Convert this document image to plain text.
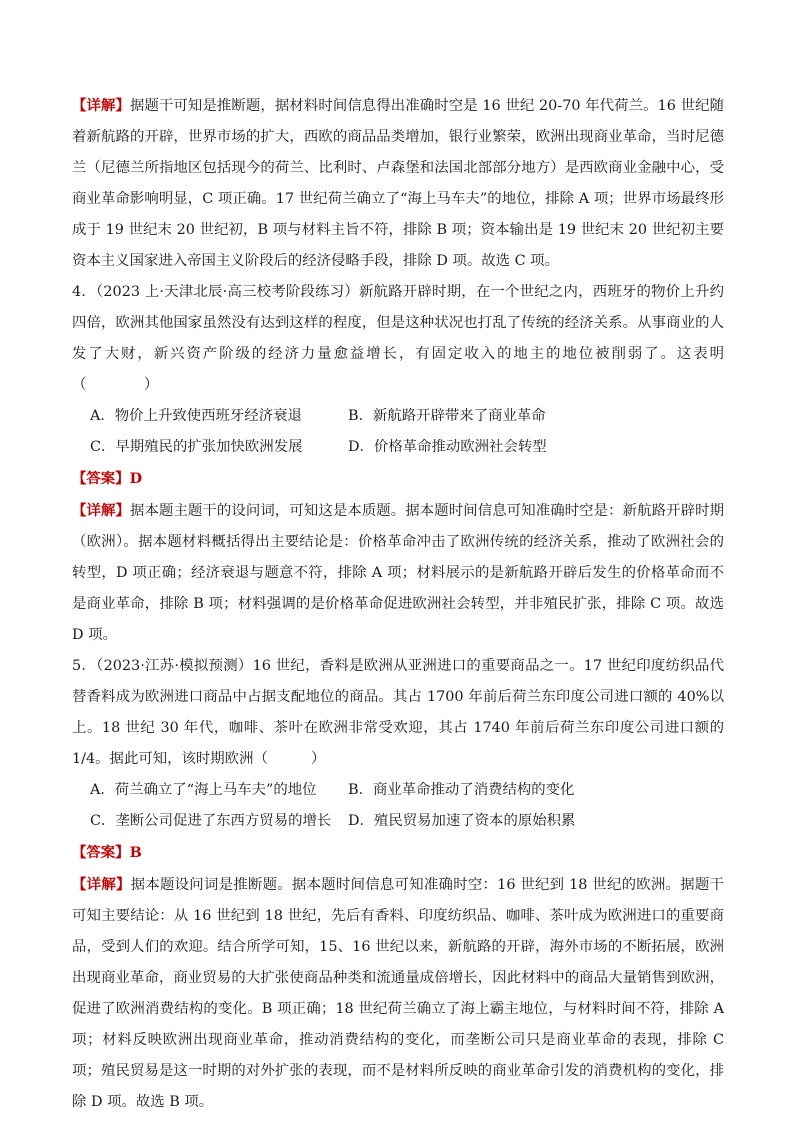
【详解】据题干可知是推断题，据材料时间信息得出准确时空是 16 世纪 20-70 年代荷兰。16 世纪随着新航路的开辟，世界市场的扩大，西欧的商品品类增加，银行业繁荣，欧洲出现商业革命，当时尼德兰（尼德兰所指地区包括现今的荷兰、比利时、卢森堡和法国北部部分地方）是西欧商业金融中心，受商业革命影响明显，C 项正确。17 世纪荷兰确立了“海上马车夫”的地位，排除 A 项；世界市场最终形成于 19 世纪末 20 世纪初，B 项与材料主旨不符，排除 B 项；资本输出是 19 世纪末 20 世纪初主要资本主义国家进入帝国主义阶段后的经济侵略手段，排除 D 项。故选 C 项。

4．（2023 上·天津北辰·高三校考阶段练习）新航路开辟时期，在一个世纪之内，西班牙的物价上升约四倍，欧洲其他国家虽然没有达到这样的程度，但是这种状况也打乱了传统的经济关系。从事商业的人发了大财，新兴资产阶级的经济力量愈益增长，有固定收入的地主的地位被削弱了。这表明（　　　　）

A．物价上升致使西班牙经济衰退	B．新航路开辟带来了商业革命
C．早期殖民的扩张加快欧洲发展	D．价格革命推动欧洲社会转型

【答案】D

【详解】据本题主题干的设问词，可知这是本质题。据本题时间信息可知准确时空是：新航路开辟时期（欧洲）。据本题材料概括得出主要结论是：价格革命冲击了欧洲传统的经济关系，推动了欧洲社会的转型，D 项正确；经济衰退与题意不符，排除 A 项；材料展示的是新航路开辟后发生的价格革命而不是商业革命，排除 B 项；材料强调的是价格革命促进欧洲社会转型，并非殖民扩张，排除 C 项。故选 D 项。

5．（2023·江苏·模拟预测）16 世纪，香料是欧洲从亚洲进口的重要商品之一。17 世纪印度纺织品代替香料成为欧洲进口商品中占据支配地位的商品。其占 1700 年前后荷兰东印度公司进口额的 40%以上。18 世纪 30 年代，咖啡、茶叶在欧洲非常受欢迎，其占 1740 年前后荷兰东印度公司进口额的 1/4。据此可知，该时期欧洲（　　　）

A．荷兰确立了“海上马车夫”的地位	B．商业革命推动了消费结构的变化
C．垄断公司促进了东西方贸易的增长	D．殖民贸易加速了资本的原始积累

【答案】B

【详解】据本题设问词是推断题。据本题时间信息可知准确时空：16 世纪到 18 世纪的欧洲。据题干可知主要结论：从 16 世纪到 18 世纪，先后有香料、印度纺织品、咖啡、茶叶成为欧洲进口的重要商品，受到人们的欢迎。结合所学可知，15、16 世纪以来，新航路的开辟，海外市场的不断拓展，欧洲出现商业革命，商业贸易的大扩张使商品种类和流通量成倍增长，因此材料中的商品大量销售到欧洲，促进了欧洲消费结构的变化。B 项正确；18 世纪荷兰确立了海上霸主地位，与材料时间不符，排除 A 项；材料反映欧洲出现商业革命，推动消费结构的变化，而垄断公司只是商业革命的表现，排除 C 项；殖民贸易是这一时期的对外扩张的表现，而不是材料所反映的商业革命引发的消费机构的变化，排除 D 项。故选 B 项。
